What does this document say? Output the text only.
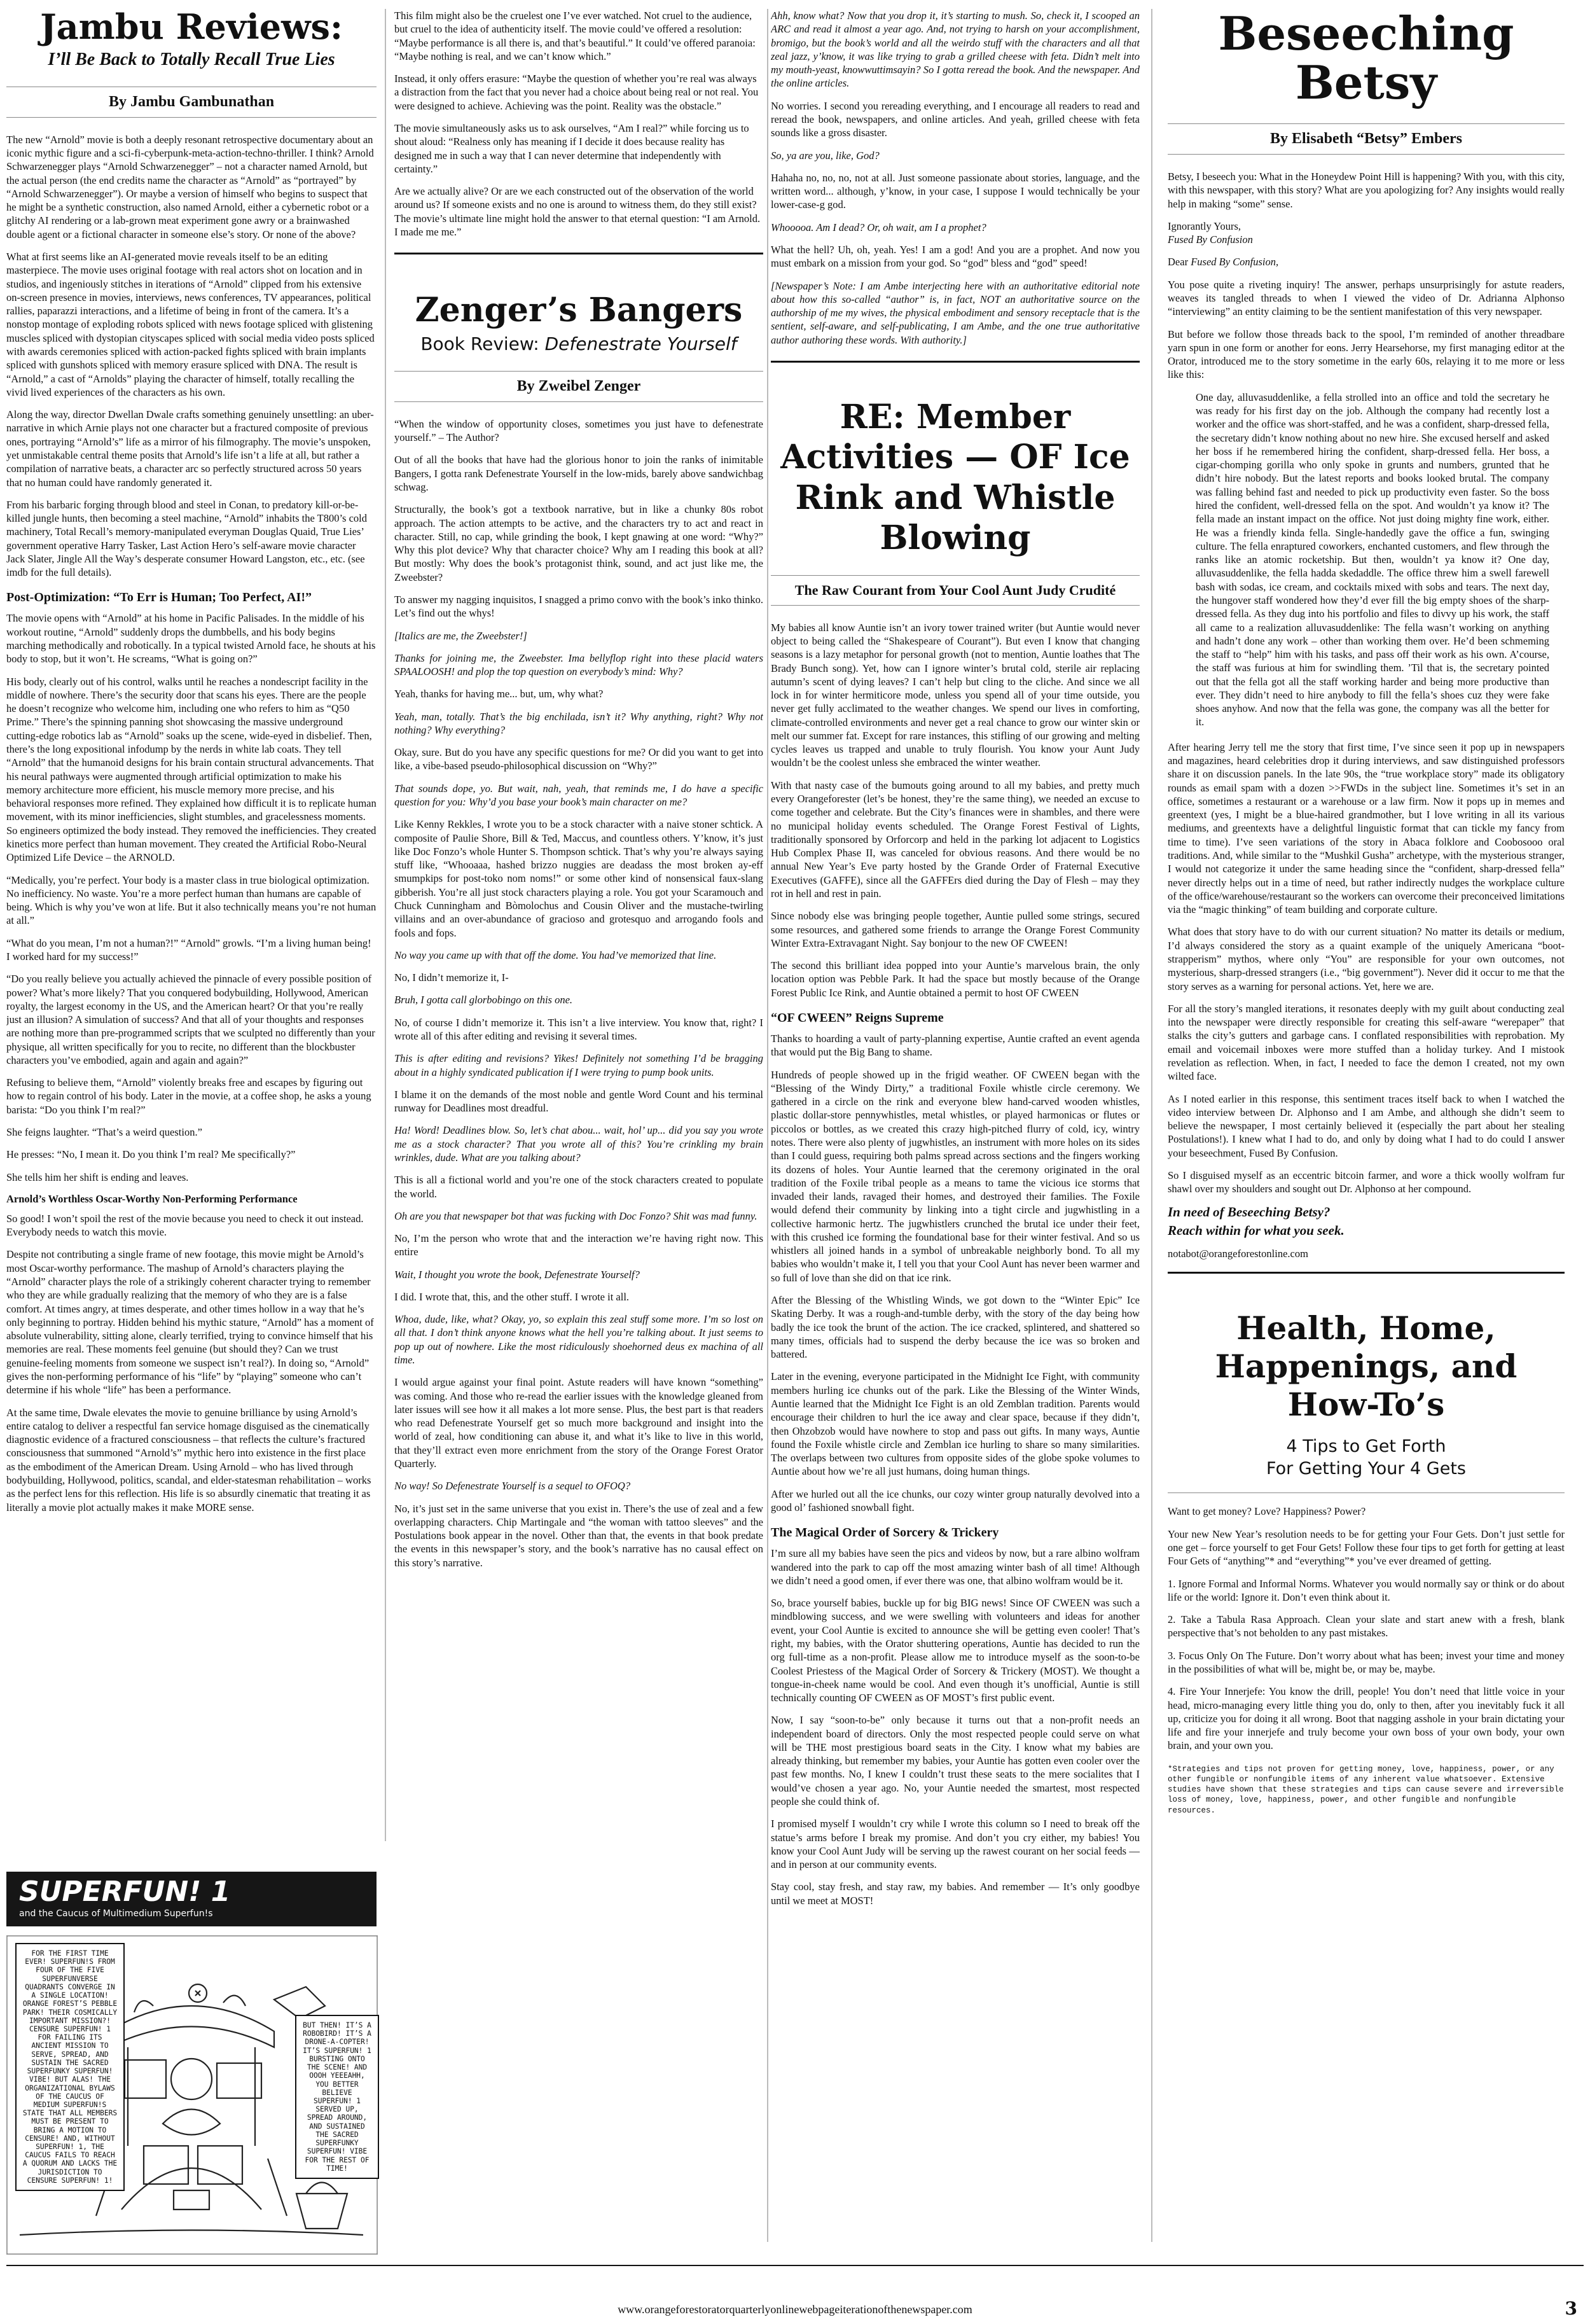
Jambu Reviews:
I’ll Be Back to Totally Recall True Lies
By Jambu Gambunathan

The new “Arnold” movie is both a deeply resonant retrospective documentary about an iconic mythic figure and a sci-fi-cyberpunk-meta-action-techno-thriller. I think? Arnold Schwarzenegger plays “Arnold Schwarzenegger” – not a character named Arnold, but the actual person (the end credits name the character as “Arnold” as “portrayed” by “Arnold Schwarzenegger”). Or maybe a version of himself who begins to suspect that he might be a synthetic construction, also named Arnold, either a cybernetic robot or a glitchy AI rendering or a lab-grown meat experiment gone awry or a brainwashed double agent or a fictional character in someone else’s story. Or none of the above?

What at first seems like an AI-generated movie reveals itself to be an editing masterpiece. The movie uses original footage with real actors shot on location and in studios, and ingeniously stitches in iterations of “Arnold” clipped from his extensive on-screen presence in movies, interviews, news conferences, TV appearances, political rallies, paparazzi interactions, and a lifetime of being in front of the camera. It’s a nonstop montage of exploding robots spliced with news footage spliced with glistening muscles spliced with dystopian cityscapes spliced with social media video posts spliced with awards ceremonies spliced with action-packed fights spliced with brain implants spliced with gunshots spliced with memory erasure spliced with DNA. The result is “Arnold,” a cast of “Arnolds” playing the character of himself, totally recalling the vivid lived experiences of the characters as his own.

Along the way, director Dwellan Dwale crafts something genuinely unsettling: an uber-narrative in which Arnie plays not one character but a fractured composite of previous ones, portraying “Arnold’s” life as a mirror of his filmography. The movie’s unspoken, yet unmistakable central theme posits that Arnold’s life isn’t a life at all, but rather a compilation of narrative beats, a character arc so perfectly structured across 50 years that no human could have randomly generated it.

From his barbaric forging through blood and steel in Conan, to predatory kill-or-be-killed jungle hunts, then becoming a steel machine, “Arnold” inhabits the T800’s cold machinery, Total Recall’s memory-manipulated everyman Douglas Quaid, True Lies’ government operative Harry Tasker, Last Action Hero’s self-aware movie character Jack Slater, Jingle All the Way’s desperate consumer Howard Langston, etc., etc. (see imdb for the full details).

Post-Optimization: “To Err is Human; Too Perfect, AI!”

The movie opens with “Arnold” at his home in Pacific Palisades. In the middle of his workout routine, “Arnold” suddenly drops the dumbbells, and his body begins marching methodically and robotically. In a typical twisted Arnold face, he shouts at his body to stop, but it won’t. He screams, “What is going on?”

His body, clearly out of his control, walks until he reaches a nondescript facility in the middle of nowhere. There’s the security door that scans his eyes. There are the people he doesn’t recognize who welcome him, including one who refers to him as “Q50 Prime.” There’s the spinning panning shot showcasing the massive underground cutting-edge robotics lab as “Arnold” soaks up the scene, wide-eyed in disbelief. Then, there’s the long expositional infodump by the nerds in white lab coats. They tell “Arnold” that the humanoid designs for his brain contain structural advancements. That his neural pathways were augmented through artificial optimization to make his memory architecture more efficient, his muscle memory more precise, and his behavioral responses more refined. They explained how difficult it is to replicate human movement, with its minor inefficiencies, slight stumbles, and gracelessness moments. So engineers optimized the body instead. They removed the inefficiencies. They created kinetics more perfect than human movement. They created the Artificial Robo-Neural Optimized Life Device – the ARNOLD.

“Medically, you’re perfect. Your body is a master class in true biological optimization. No inefficiency. No waste. You’re a more perfect human than humans are capable of being. Which is why you’ve won at life. But it also technically means you’re not human at all.”

“What do you mean, I’m not a human?!” “Arnold” growls. “I’m a living human being! I worked hard for my success!”

“Do you really believe you actually achieved the pinnacle of every possible position of power? What’s more likely? That you conquered bodybuilding, Hollywood, American royalty, the largest economy in the US, and the American heart? Or that you’re really just an illusion? A simulation of success? And that all of your thoughts and responses are nothing more than pre-programmed scripts that we sculpted no differently than your physique, all written specifically for you to recite, no different than the blockbuster characters you’ve embodied, again and again and again?”

Refusing to believe them, “Arnold” violently breaks free and escapes by figuring out how to regain control of his body. Later in the movie, at a coffee shop, he asks a young barista: “Do you think I’m real?”

She feigns laughter. “That’s a weird question.”

He presses: “No, I mean it. Do you think I’m real? Me specifically?”

She tells him her shift is ending and leaves.

Arnold’s Worthless Oscar-Worthy Non-Performing Performance

So good! I won’t spoil the rest of the movie because you need to check it out instead. Everybody needs to watch this movie.

Despite not contributing a single frame of new footage, this movie might be Arnold’s most Oscar-worthy performance. The mashup of Arnold’s characters playing the “Arnold” character plays the role of a strikingly coherent character trying to remember who they are while gradually realizing that the memory of who they are is a false comfort. At times angry, at times desperate, and other times hollow in a way that he’s only beginning to portray. Hidden behind his mythic stature, “Arnold” has a moment of absolute vulnerability, sitting alone, clearly terrified, trying to convince himself that his memories are real. These moments feel genuine (but should they? Can we trust genuine-feeling moments from someone we suspect isn’t real?). In doing so, “Arnold” gives the non-performing performance of his “life” by “playing” someone who can’t determine if his whole “life” has been a performance.

At the same time, Dwale elevates the movie to genuine brilliance by using Arnold’s entire catalog to deliver a respectful fan service homage disguised as the cinematically diagnostic evidence of a fractured consciousness – that reflects the culture’s fractured consciousness that summoned “Arnold’s” mythic hero into existence in the first place as the embodiment of the American Dream. Using Arnold – who has lived through bodybuilding, Hollywood, politics, scandal, and elder-statesman rehabilitation – works as the perfect lens for this reflection. His life is so absurdly cinematic that treating it as literally a movie plot actually makes it make MORE sense.

SUPERFUN! 1
and the Caucus of Multimedium Superfun!s
FOR THE FIRST TIME EVER! SUPERFUN!S FROM FOUR OF THE FIVE SUPERFUNVERSE QUADRANTS CONVERGE IN A SINGLE LOCATION! ORANGE FOREST’S PEBBLE PARK! THEIR COSMICALLY IMPORTANT MISSION?! CENSURE SUPERFUN! 1 FOR FAILING ITS ANCIENT MISSION TO SERVE, SPREAD, AND SUSTAIN THE SACRED SUPERFUNKY SUPERFUN! VIBE! BUT ALAS! THE ORGANIZATIONAL BYLAWS OF THE CAUCUS OF MEDIUM SUPERFUN!S STATE THAT ALL MEMBERS MUST BE PRESENT TO BRING A MOTION TO CENSURE! AND, WITHOUT SUPERFUN! 1, THE CAUCUS FAILS TO REACH A QUORUM AND LACKS THE JURISDICTION TO CENSURE SUPERFUN! 1!
BUT THEN! IT’S A ROBOBIRD! IT’S A DRONE-A-COPTER! IT’S SUPERFUN! 1 BURSTING ONTO THE SCENE! AND OOOH YEEEAHH, YOU BETTER BELIEVE SUPERFUN! 1 SERVED UP, SPREAD AROUND, AND SUSTAINED THE SACRED SUPERFUNKY SUPERFUN! VIBE FOR THE REST OF TIME!

This film might also be the cruelest one I’ve ever watched. Not cruel to the audience, but cruel to the idea of authenticity itself. The movie could’ve offered a resolution: “Maybe performance is all there is, and that’s beautiful.” It could’ve offered paranoia: “Maybe nothing is real, and we can’t know which.”

Instead, it only offers erasure: “Maybe the question of whether you’re real was always a distraction from the fact that you never had a choice about being real or not real. You were designed to achieve. Achieving was the point. Reality was the obstacle.”

The movie simultaneously asks us to ask ourselves, “Am I real?” while forcing us to shout aloud: “Realness only has meaning if I decide it does because reality has designed me in such a way that I can never determine that independently with certainty.”

Are we actually alive? Or are we each constructed out of the observation of the world around us? If someone exists and no one is around to witness them, do they still exist? The movie’s ultimate line might hold the answer to that eternal question: “I am Arnold. I made me me.”

Zenger’s Bangers
Book Review: Defenestrate Yourself
By Zweibel Zenger

“When the window of opportunity closes, sometimes you just have to defenestrate yourself.” – The Author?

Out of all the books that have had the glorious honor to join the ranks of inimitable Bangers, I gotta rank Defenestrate Yourself in the low-mids, barely above sandwichbag schwag.

Structurally, the book’s got a textbook narrative, but in like a chunky 80s robot approach. The action attempts to be active, and the characters try to act and react in character. Still, no cap, while grinding the book, I kept gnawing at one word: “Why?” Why this plot device? Why that character choice? Why am I reading this book at all? But mostly: Why does the book’s protagonist think, sound, and act just like me, the Zweebster?

To answer my nagging inquisitos, I snagged a primo convo with the book’s inko thinko. Let’s find out the whys!

[Italics are me, the Zweebster!]

Thanks for joining me, the Zweebster. Ima bellyflop right into these placid waters SPAALOOSH! and plop the top question on everybody’s mind: Why?

Yeah, thanks for having me... but, um, why what?

Yeah, man, totally. That’s the big enchilada, isn’t it? Why anything, right? Why not nothing? Why everything?

Okay, sure. But do you have any specific questions for me? Or did you want to get into like, a vibe-based pseudo-philosophical discussion on “Why?”

That sounds dope, yo. But wait, nah, yeah, that reminds me, I do have a specific question for you: Why’d you base your book’s main character on me?

Like Kenny Rekkles, I wrote you to be a stock character with a naive stoner schtick. A composite of Paulie Shore, Bill & Ted, Maccus, and countless others. Y’know, it’s just like Doc Fonzo’s whole Hunter S. Thompson schtick. That’s why you’re always saying stuff like, “Whooaaa, hashed brizzo nuggies are deadass the most broken ay-eff smumpkips for post-toko nom noms!” or some other kind of nonsensical faux-slang gibberish. You’re all just stock characters playing a role. You got your Scaramouch and Chuck Cunningham and Bòmolochus and Cousin Oliver and the mustache-twirling villains and an over-abundance of gracioso and grotesquo and arrogando fools and fools and fops.

No way you came up with that off the dome. You had’ve memorized that line.

No, I didn’t memorize it, I-

Bruh, I gotta call glorbobingo on this one.

No, of course I didn’t memorize it. This isn’t a live interview. You know that, right? I wrote all of this after editing and revising it several times.

This is after editing and revisions? Yikes! Definitely not something I’d be bragging about in a highly syndicated publication if I were trying to pump book units.

I blame it on the demands of the most noble and gentle Word Count and his terminal runway for Deadlines most dreadful.

Ha! Word! Deadlines blow. So, let’s chat abou... wait, hol’ up... did you say you wrote me as a stock character? That you wrote all of this? You’re crinkling my brain wrinkles, dude. What are you talking about?

This is all a fictional world and you’re one of the stock characters created to populate the world.

Oh are you that newspaper bot that was fucking with Doc Fonzo? Shit was mad funny.

No, I’m the person who wrote that and the interaction we’re having right now. This entire

Wait, I thought you wrote the book, Defenestrate Yourself?

I did. I wrote that, this, and the other stuff. I wrote it all.

Whoa, dude, like, what? Okay, yo, so explain this zeal stuff some more. I’m so lost on all that. I don’t think anyone knows what the hell you’re talking about. It just seems to pop up out of nowhere. Like the most ridiculously shoehorned deus ex machina of all time.

I would argue against your final point. Astute readers will have known “something” was coming. And those who re-read the earlier issues with the knowledge gleaned from later issues will see how it all makes a lot more sense. Plus, the best part is that readers who read Defenestrate Yourself get so much more background and insight into the world of zeal, how conditioning can abuse it, and what it’s like to live in this world, that they’ll extract even more enrichment from the story of the Orange Forest Orator Quarterly.

No way! So Defenestrate Yourself is a sequel to OFOQ?

No, it’s just set in the same universe that you exist in. There’s the use of zeal and a few overlapping characters. Chip Martingale and “the woman with tattoo sleeves” and the Postulations book appear in the novel. Other than that, the events in that book predate the events in this newspaper’s story, and the book’s narrative has no causal effect on this story’s narrative.

Ahh, know what? Now that you drop it, it’s starting to mush. So, check it, I scooped an ARC and read it almost a year ago. And, not trying to harsh on your accomplishment, bromigo, but the book’s world and all the weirdo stuff with the characters and all that zeal jazz, y’know, it was like trying to grab a grilled cheese with feta. Didn’t melt into my mouth-yeast, knowwuttimsayin? So I gotta reread the book. And the newspaper. And the online articles.

No worries. I second you rereading everything, and I encourage all readers to read and reread the book, newspapers, and online articles. And yeah, grilled cheese with feta sounds like a gross disaster.

So, ya are you, like, God?

Hahaha no, no, no, not at all. Just someone passionate about stories, language, and the written word... although, y’know, in your case, I suppose I would technically be your lower-case-g god.

Whooooa. Am I dead? Or, oh wait, am I a prophet?

What the hell? Uh, oh, yeah. Yes! I am a god! And you are a prophet. And now you must embark on a mission from your god. So “god” bless and “god” speed!

[Newspaper’s Note: I am Ambe interjecting here with an authoritative editorial note about how this so-called “author” is, in fact, NOT an authoritative source on the authorship of me my wives, the physical embodiment and sensory receptacle that is the sentient, self-aware, and self-publicating, I am Ambe, and the one true authoritative author authoring these words. With authority.]

RE: Member Activities — OF Ice Rink and Whistle Blowing
The Raw Courant from Your Cool Aunt Judy Crudité

My babies all know Auntie isn’t an ivory tower trained writer (but Auntie would never object to being called the “Shakespeare of Courant”). But even I know that changing seasons is a lazy metaphor for personal growth (not to mention, Auntie loathes that The Brady Bunch song). Yet, how can I ignore winter’s brutal cold, sterile air replacing autumn’s scent of dying leaves? I can’t help but cling to the cliche. And since we all lock in for winter hermiticore mode, unless you spend all of your time outside, you never get fully acclimated to the weather changes. We spend our lives in comforting, climate-controlled environments and never get a real chance to grow our winter skin or melt our summer fat. Except for rare instances, this stifling of our growing and melting cycles leaves us trapped and unable to truly flourish. You know your Aunt Judy wouldn’t be the coolest unless she embraced the winter weather.

With that nasty case of the bumouts going around to all my babies, and pretty much every Orangeforester (let’s be honest, they’re the same thing), we needed an excuse to come together and celebrate. But the City’s finances were in shambles, and there were no municipal holiday events scheduled. The Orange Forest Festival of Lights, traditionally sponsored by Orforcorp and held in the parking lot adjacent to Logistics Hub Complex Phase II, was canceled for obvious reasons. And there would be no annual New Year’s Eve party hosted by the Grande Order of Fraternal Executive Executives (GAFFE), since all the GAFFErs died during the Day of Flesh – may they rot in hell and rest in pain.

Since nobody else was bringing people together, Auntie pulled some strings, secured some resources, and gathered some friends to arrange the Orange Forest Community Winter Extra-Extravagant Night. Say bonjour to the new OF CWEEN!

The second this brilliant idea popped into your Auntie’s marvelous brain, the only location option was Pebble Park. It had the space but mostly because of the Orange Forest Public Ice Rink, and Auntie obtained a permit to host OF CWEEN

“OF CWEEN” Reigns Supreme

Thanks to hoarding a vault of party-planning expertise, Auntie crafted an event agenda that would put the Big Bang to shame.

Hundreds of people showed up in the frigid weather. OF CWEEN began with the “Blessing of the Windy Dirty,” a traditional Foxile whistle circle ceremony. We gathered in a circle on the rink and everyone blew hand-carved wooden whistles, plastic dollar-store pennywhistles, metal whistles, or played harmonicas or flutes or piccolos or bottles, as we created this crazy high-pitched flurry of cold, icy, wintry notes. There were also plenty of jugwhistles, an instrument with more holes on its sides than I could guess, requiring both palms spread across sections and the fingers working its dozens of holes. Your Auntie learned that the ceremony originated in the oral tradition of the Foxile tribal people as a means to tame the vicious ice storms that invaded their lands, ravaged their homes, and destroyed their families. The Foxile would defend their community by linking into a tight circle and jugwhistling in a collective harmonic hertz. The jugwhistlers crunched the brutal ice under their feet, with this crushed ice forming the foundational base for their winter festival. And so us whistlers all joined hands in a symbol of unbreakable neighborly bond. To all my babies who wouldn’t make it, I tell you that your Cool Aunt has never been warmer and so full of love than she did on that ice rink.

After the Blessing of the Whistling Winds, we got down to the “Winter Epic” Ice Skating Derby. It was a rough-and-tumble derby, with the story of the day being how badly the ice took the brunt of the action. The ice cracked, splintered, and shattered so many times, officials had to suspend the derby because the ice was so broken and battered.

Later in the evening, everyone participated in the Midnight Ice Fight, with community members hurling ice chunks out of the park. Like the Blessing of the Winter Winds, Auntie learned that the Midnight Ice Fight is an old Zemblan tradition. Parents would encourage their children to hurl the ice away and clear space, because if they didn’t, then Ohzobzob would have nowhere to stop and pass out gifts. In many ways, Auntie found the Foxile whistle circle and Zemblan ice hurling to share so many similarities. The overlaps between two cultures from opposite sides of the globe spoke volumes to Auntie about how we’re all just humans, doing human things.

After we hurled out all the ice chunks, our cozy winter group naturally devolved into a good ol’ fashioned snowball fight.

The Magical Order of Sorcery & Trickery

I’m sure all my babies have seen the pics and videos by now, but a rare albino wolfram wandered into the park to cap off the most amazing winter bash of all time! Although we didn’t need a good omen, if ever there was one, that albino wolfram would be it.

So, brace yourself babies, buckle up for big BIG news! Since OF CWEEN was such a mindblowing success, and we were swelling with volunteers and ideas for another event, your Cool Auntie is excited to announce she will be getting even cooler! That’s right, my babies, with the Orator shuttering operations, Auntie has decided to run the org full-time as a non-profit. Please allow me to introduce myself as the soon-to-be Coolest Priestess of the Magical Order of Sorcery & Trickery (MOST). We thought a tongue-in-cheek name would be cool. And even though it’s unofficial, Auntie is still technically counting OF CWEEN as OF MOST’s first public event.

Now, I say “soon-to-be” only because it turns out that a non-profit needs an independent board of directors. Only the most respected people could serve on what will be THE most prestigious board seats in the City. I know what my babies are already thinking, but remember my babies, your Auntie has gotten even cooler over the past few months. No, I knew I couldn’t trust these seats to the mere socialites that I would’ve chosen a year ago. No, your Auntie needed the smartest, most respected people she could think of.

I promised myself I wouldn’t cry while I wrote this column so I need to break off the statue’s arms before I break my promise. And don’t you cry either, my babies! You know your Cool Aunt Judy will be serving up the rawest courant on her social feeds — and in person at our community events.

Stay cool, stay fresh, and stay raw, my babies. And remember — It’s only goodbye until we meet at MOST!

Beseeching Betsy
By Elisabeth “Betsy” Embers

Betsy, I beseech you: What in the Honeydew Point Hill is happening? With you, with this city, with this newspaper, with this story? What are you apologizing for? Any insights would really help in making “some” sense.

Ignorantly Yours,

Fused By Confusion

Dear Fused By Confusion,

You pose quite a riveting inquiry! The answer, perhaps unsurprisingly for astute readers, weaves its tangled threads to when I viewed the video of Dr. Adrianna Alphonso “interviewing” an entity claiming to be the sentient manifestation of this very newspaper.

But before we follow those threads back to the spool, I’m reminded of another threadbare yarn spun in one form or another for eons. Jerry Hearsehorse, my first managing editor at the Orator, introduced me to the story sometime in the early 60s, relaying it to me more or less like this:

One day, alluvasuddenlike, a fella strolled into an office and told the secretary he was ready for his first day on the job. Although the company had recently lost a worker and the office was short-staffed, and he was a confident, sharp-dressed fella, the secretary didn’t know nothing about no new hire. She excused herself and asked her boss if he remembered hiring the confident, sharp-dressed fella. Her boss, a cigar-chomping gorilla who only spoke in grunts and numbers, grunted that he didn’t hire nobody. But the latest reports and books looked brutal. The company was falling behind fast and needed to pick up productivity even faster. So the boss hired the confident, well-dressed fella on the spot. And wouldn’t ya know it? The fella made an instant impact on the office. Not just doing mighty fine work, either. He was a friendly kinda fella. Single-handedly gave the office a fun, swinging culture. The fella enraptured coworkers, enchanted customers, and flew through the ranks like an atomic rocketship. But then, wouldn’t ya know it? One day, alluvasuddenlike, the fella hadda skedaddle. The office threw him a swell farewell bash with sodas, ice cream, and cocktails mixed with sobs and tears. The next day, the hungover staff wondered how they’d ever fill the big empty shoes of the sharp-dressed fella. As they dug into his portfolio and files to divvy up his work, the staff all came to a realization alluvasuddenlike: The fella wasn’t working on anything and hadn’t done any work – other than working them over. He’d been schmeming the staff to “help” him with his tasks, and pass off their work as his own. A’course, the staff was furious at him for swindling them. ’Til that is, the secretary pointed out that the fella got all the staff working harder and being more productive than ever. They didn’t need to hire anybody to fill the fella’s shoes cuz they were fake shoes anyhow. And now that the fella was gone, the company was all the better for it.

After hearing Jerry tell me the story that first time, I’ve since seen it pop up in newspapers and magazines, heard celebrities drop it during interviews, and saw distinguished professors share it on discussion panels. In the late 90s, the “true workplace story” made its obligatory rounds as email spam with a dozen >>FWDs in the subject line. Sometimes it’s set in an office, sometimes a restaurant or a warehouse or a law firm. Now it pops up in memes and greentext (yes, I might be a blue-haired grandmother, but I love writing in all its various mediums, and greentexts have a delightful linguistic format that can tickle my fancy from time to time). I’ve seen variations of the story in Abaca folklore and Coobosooo oral traditions. And, while similar to the “Mushkil Gusha” archetype, with the mysterious stranger, I would not categorize it under the same heading since the “confident, sharp-dressed fella” never directly helps out in a time of need, but rather indirectly nudges the workplace culture of the office/warehouse/restaurant so the workers can overcome their preconceived limitations via the “magic thinking” of team building and corporate culture.

What does that story have to do with our current situation? No matter its details or medium, I’d always considered the story as a quaint example of the uniquely Americana “boot-strapperism” mythos, where only “You” are responsible for your own outcomes, not mysterious, sharp-dressed strangers (i.e., “big government”). Never did it occur to me that the story serves as a warning for personal actions. Yet, here we are.

For all the story’s mangled iterations, it resonates deeply with my guilt about conducting zeal into the newspaper were directly responsible for creating this self-aware “werepaper” that stalks the city’s gutters and garbage cans. I conflated responsibilities with reprobation. My email and voicemail inboxes were more stuffed than a holiday turkey. And I mistook revelation as reflection. When, in fact, I needed to face the demon I created, not my own wilted face.

As I noted earlier in this response, this sentiment traces itself back to when I watched the video interview between Dr. Alphonso and I am Ambe, and although she didn’t seem to believe the newspaper, I most certainly believed it (especially the part about her stealing Postulations!). I knew what I had to do, and only by doing what I had to do could I answer your beseechment, Fused By Confusion.

So I disguised myself as an eccentric bitcoin farmer, and wore a thick woolly wolfram fur shawl over my shoulders and sought out Dr. Alphonso at her compound.

In need of Beseeching Betsy?
Reach within for what you seek.
notabot@orangeforestonline.com
Health, Home, Happenings, and How-To’s
4 Tips to Get Forth
For Getting Your 4 Gets

Want to get money? Love? Happiness? Power?

Your new New Year’s resolution needs to be for getting your Four Gets. Don’t just settle for one get – force yourself to get Four Gets! Follow these four tips to get forth for getting at least Four Gets of “anything”* and “everything”* you’ve ever dreamed of getting.

1. Ignore Formal and Informal Norms. Whatever you would normally say or think or do about life or the world: Ignore it. Don’t even think about it.

2. Take a Tabula Rasa Approach. Clean your slate and start anew with a fresh, blank perspective that’s not beholden to any past mistakes.

3. Focus Only On The Future. Don’t worry about what has been; invest your time and money in the possibilities of what will be, might be, or may be, maybe.

4. Fire Your Innerjefe: You know the drill, people! You don’t need that little voice in your head, micro-managing every little thing you do, only to then, after you inevitably fuck it all up, criticize you for doing it all wrong. Boot that nagging asshole in your brain dictating your life and fire your innerjefe and truly become your own boss of your own body, your own brain, and your own you.

*Strategies and tips not proven for getting money, love, happiness, power, or any other fungible or nonfungible items of any inherent value whatsoever. Extensive studies have shown that these strategies and tips can cause severe and irreversible loss of money, love, happiness, power, and other fungible and nonfungible resources.
www.orangeforestoratorquarterlyonlinewebpageiterationofthenewspaper.com	3
